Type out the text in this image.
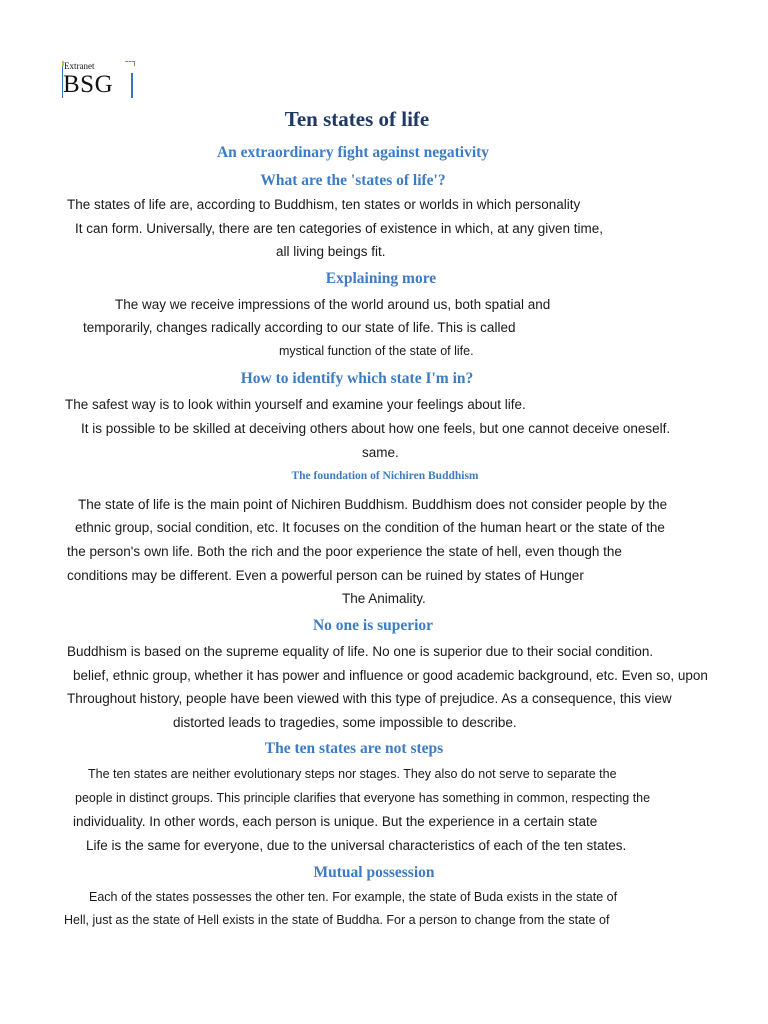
Extranet
BSG
Ten states of life
An extraordinary fight against negativity
What are the 'states of life'?
The states of life are, according to Buddhism, ten states or worlds in which personality
It can form. Universally, there are ten categories of existence in which, at any given time,
all living beings fit.
Explaining more
The way we receive impressions of the world around us, both spatial and
temporarily, changes radically according to our state of life. This is called
mystical function of the state of life.
How to identify which state I'm in?
The safest way is to look within yourself and examine your feelings about life.
It is possible to be skilled at deceiving others about how one feels, but one cannot deceive oneself.
same.
The foundation of Nichiren Buddhism
The state of life is the main point of Nichiren Buddhism. Buddhism does not consider people by the
ethnic group, social condition, etc. It focuses on the condition of the human heart or the state of the
the person's own life. Both the rich and the poor experience the state of hell, even though the
conditions may be different. Even a powerful person can be ruined by states of Hunger
The Animality.
No one is superior
Buddhism is based on the supreme equality of life. No one is superior due to their social condition.
belief, ethnic group, whether it has power and influence or good academic background, etc. Even so, upon
Throughout history, people have been viewed with this type of prejudice. As a consequence, this view
distorted leads to tragedies, some impossible to describe.
The ten states are not steps
The ten states are neither evolutionary steps nor stages. They also do not serve to separate the
people in distinct groups. This principle clarifies that everyone has something in common, respecting the
individuality. In other words, each person is unique. But the experience in a certain state
Life is the same for everyone, due to the universal characteristics of each of the ten states.
Mutual possession
Each of the states possesses the other ten. For example, the state of Buda exists in the state of
Hell, just as the state of Hell exists in the state of Buddha. For a person to change from the state of
